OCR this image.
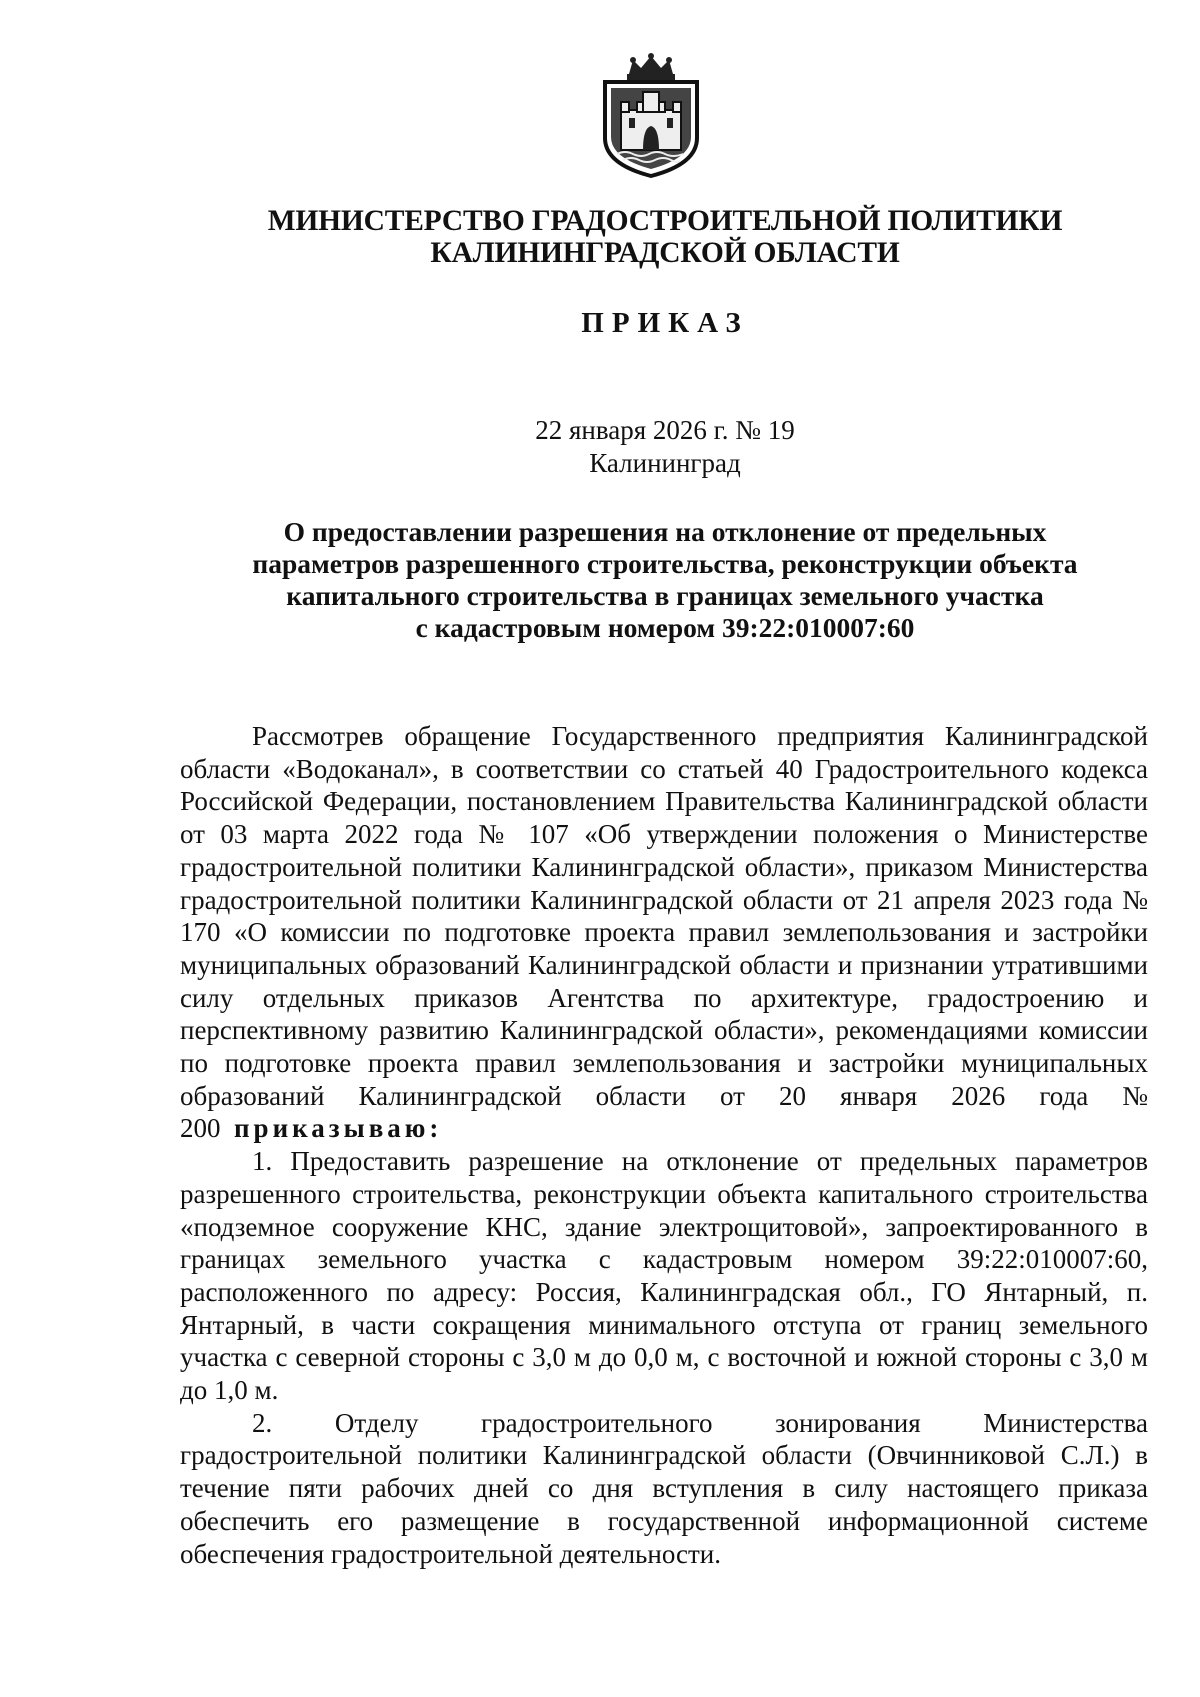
МИНИСТЕРСТВО ГРАДОСТРОИТЕЛЬНОЙ ПОЛИТИКИ
КАЛИНИНГРАДСКОЙ ОБЛАСТИ
ПРИКАЗ
22 января 2026 г. № 19
Калининград
О предоставлении разрешения на отклонение от предельных
параметров разрешенного строительства, реконструкции объекта
капитального строительства в границах земельного участка
с кадастровым номером 39:22:010007:60

Рассмотрев обращение Государственного предприятия Калининградской области «Водоканал», в соответствии со статьей 40 Градостроительного кодекса Российской Федерации, постановлением Правительства Калининградской области от 03 марта 2022 года № 107 «Об утверждении положения о Министерстве градостроительной политики Калининградской области», приказом Министерства градостроительной политики Калининградской области от 21 апреля 2023 года № 170 «О комиссии по подготовке проекта правил землепользования и застройки муниципальных образований Калининградской области и признании утратившими силу отдельных приказов Агентства по архитектуре, градостроению и перспективному развитию Калининградской области», рекомендациями комиссии по подготовке проекта правил землепользования и застройки муниципальных образований Калининградской области от 20 января 2026 года № 200 приказываю:

1. Предоставить разрешение на отклонение от предельных параметров разрешенного строительства, реконструкции объекта капитального строительства «подземное сооружение КНС, здание электрощитовой», запроектированного в границах земельного участка с кадастровым номером 39:22:010007:60, расположенного по адресу: Россия, Калининградская обл., ГО Янтарный, п. Янтарный, в части сокращения минимального отступа от границ земельного участка с северной стороны с 3,0 м до 0,0 м, с восточной и южной стороны с 3,0 м до 1,0 м.

2. Отделу градостроительного зонирования Министерства градостроительной политики Калининградской области (Овчинниковой С.Л.) в течение пяти рабочих дней со дня вступления в силу настоящего приказа обеспечить его размещение в государственной информационной системе обеспечения градостроительной деятельности.
